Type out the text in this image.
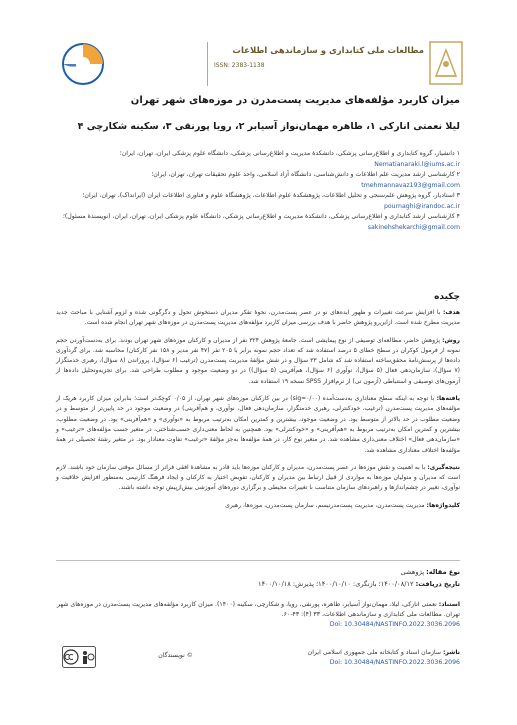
مطالعات ملی کتابداری و سازماندهی اطلاعات
ISSN: 2383-1138
میزان کاربرد مؤلفه‌های مدیریت پست‌مدرن در موزه‌های شهر تهران
لیلا نعمتی انارکی ۱، طاهره مهمان‌نواز آسیابر ۲، رویا پورنقی ۳، سکینه شکارچی ۴
۱ دانشیار، گروه کتابداری و اطلاع‌رسانی پزشکی، دانشکدۀ مدیریت و اطلاع‌رسانی پزشکی، دانشگاه علوم پزشکی ایران، تهران، ایران؛
Nematianaraki.l@iums.ac.ir
۲ کارشناسی ارشد مدیریت علم اطلاعات و دانش‌شناسی، دانشگاه آزاد اسلامی، واحد علوم تحقیقات تهران، تهران، ایران؛
tmehmannavaz193@gmail.com
۳ استادیار، گروه پژوهش علم‌سنجی و تحلیل اطلاعات، پژوهشکدۀ علوم اطلاعات، پژوهشگاه علوم و فناوری اطلاعات ایران (ایرانداک)، تهران، ایران؛
pournaghi@irandoc.ac.ir
۴ کارشناسی ارشد کتابداری و اطلاع‌رسانی پزشکی، دانشکدۀ مدیریت و اطلاع‌رسانی پزشکی، دانشگاه علوم پزشکی ایران، تهران، ایران، (نویسندۀ مسئول)؛
sakinehshekarchi@gmail.com
چکیده
هدف: با افزایش سرعت تغییرات و ظهور ایده‌های نو در عصر پست‌مدرن، نحوۀ تفکر مدیران دستخوش تحول و دگرگونی شده و لزوم آشنایی با مباحث جدید مدیریت مطرح شده است. ازاین‌رو پژوهش حاضر با هدف بررسی میزان کاربرد مؤلفه‌های مدیریت پست‌مدرن در موزه‌های شهر تهران انجام شده است.
روش: پژوهش حاضر، مطالعه‌ای توصیفی از نوع پیمایشی است. جامعۀ پژوهش ۳۲۴ نفر از مدیران و کارکنان موزه‌های شهر تهران بودند. برای به‌دست‌آوردن حجم نمونه از فرمول کوکران در سطح خطای ۵ درصد استفاده شد که تعداد حجم نمونه برابر با ۲۰۵ نفر (۴۷ نفر مدیر و ۱۵۸ نفر کارکنان) محاسبه شد. برای گردآوری داده‌ها از پرسش‌نامۀ محقق‌ساخته استفاده شد که شامل ۳۳ سؤال و در شش مؤلفۀ مدیریت پست‌مدرن (ترغیب (۶ سؤال)، پروراندن (۸ سؤال)، رهبری خدمتگزار (۷ سؤال)، سازمان‌دهی فعال (۵ سؤال)، نوآوری (۶ سؤال)، هم‌آفرینی (۵ سؤال)) در دو وضعیت موجود و مطلوب طراحی شد. برای تجزیه‌وتحلیل داده‌ها از آزمون‌های توصیفی و استنباطی (آزمون تی) از نرم‌افزار SPSS نسخه ۱۹ استفاده شد.
یافته‌ها: با توجه به اینکه سطح معناداری به‌دست‌آمده (sig=۰/۰۰) در بین کارکنان موزه‌های شهر تهران، از ۰/۰۵ کوچک‌تر است؛ بنابراین میزان کاربرد هریک از مؤلفه‌های مدیریت پست‌مدرن (ترغیب، خودکنترلی، رهبری خدمتگزار، سازمان‌دهی فعال، نوآوری، و هم‌آفرینی) در وضعیت موجود در حد پایین‌تر از متوسط و در وضعیت مطلوب در حد بالاتر از متوسط بود. در وضعیت موجود، بیشترین و کمترین امکان به‌ترتیب مربوط به «نوآوری» و «هم‌آفرینی» بود. در وضعیت مطلوب، بیشترین و کمترین امکان به‌ترتیب مربوط به «هم‌آفرینی» و «خودکنترلی» بود. همچنین به لحاظ معنی‌داری حسب‌شناختی، در متغیر جسب مؤلفه‌های «ترغیب» و «سازمان‌دهی فعال» اختلاف معنی‌داری مشاهده شد. در متغیر نوع کار، در همۀ مؤلفه‌ها به‌جز مؤلفۀ «ترغیب» تفاوت معنادار بود. در متغیر رشتۀ تحصیلی در همۀ مؤلفه‌ها اختلاف معناداری مشاهده شد.
نتیجه‌گیری: با به اهمیت و نقش موزه‌ها در عصر پست‌مدرن، مدیران و کارکنان موزه‌ها باید قادر به مشاهدۀ افقی فراتر از مسائل موقتی سازمان خود باشند. لازم است که مدیران و متولیان موزه‌ها به مواردی از قبیل ارتباط بین مدیران و کارکنان، تفویض اختیار به کارکنان و ایجاد فرهنگ کارتیمی به‌منظور افزایش خلاقیت و نوآوری، تغییر در چشم‌اندازها و راهبردهای سازمان متناسب با تغییرات محیطی و برگزاری دوره‌های آموزشی بیش‌ازپیش توجه داشته باشند.
کلیدواژه‌ها: مدیریت پست‌مدرن، مدیریت پست‌مدرنیسم، سازمان پست‌مدرن، موزه‌ها، رهبری
نوع مقاله: پژوهشی
تاریخ دریافت: ۱۴۰۰/۰۸/۱۲؛ بازنگری: ۱۴۰۰/۱۰/۱۰؛ پذیرش: ۱۴۰۰/۱۰/۱۸
استناد: نعمتی انارکی، لیلا، مهمان‌نواز آسیابر، طاهره، پورنقی، رویا، و شکارچی، سکینه (۱۴۰۰). میزان کاربرد مؤلفه‌های مدیریت پست‌مدرن در موزه‌های شهر تهران. مطالعات ملی کتابداری و سازماندهی اطلاعات، ۳۳ (۴): ۴۳-۶۰.
Doi: 10.30484/NASTINFO.2022.3036.2096
ناشر: سازمان اسناد و کتابخانه ملی جمهوری اسلامی ایران
Doi: 10.30484/NASTINFO.2022.3036.2096
© نویسندگان
